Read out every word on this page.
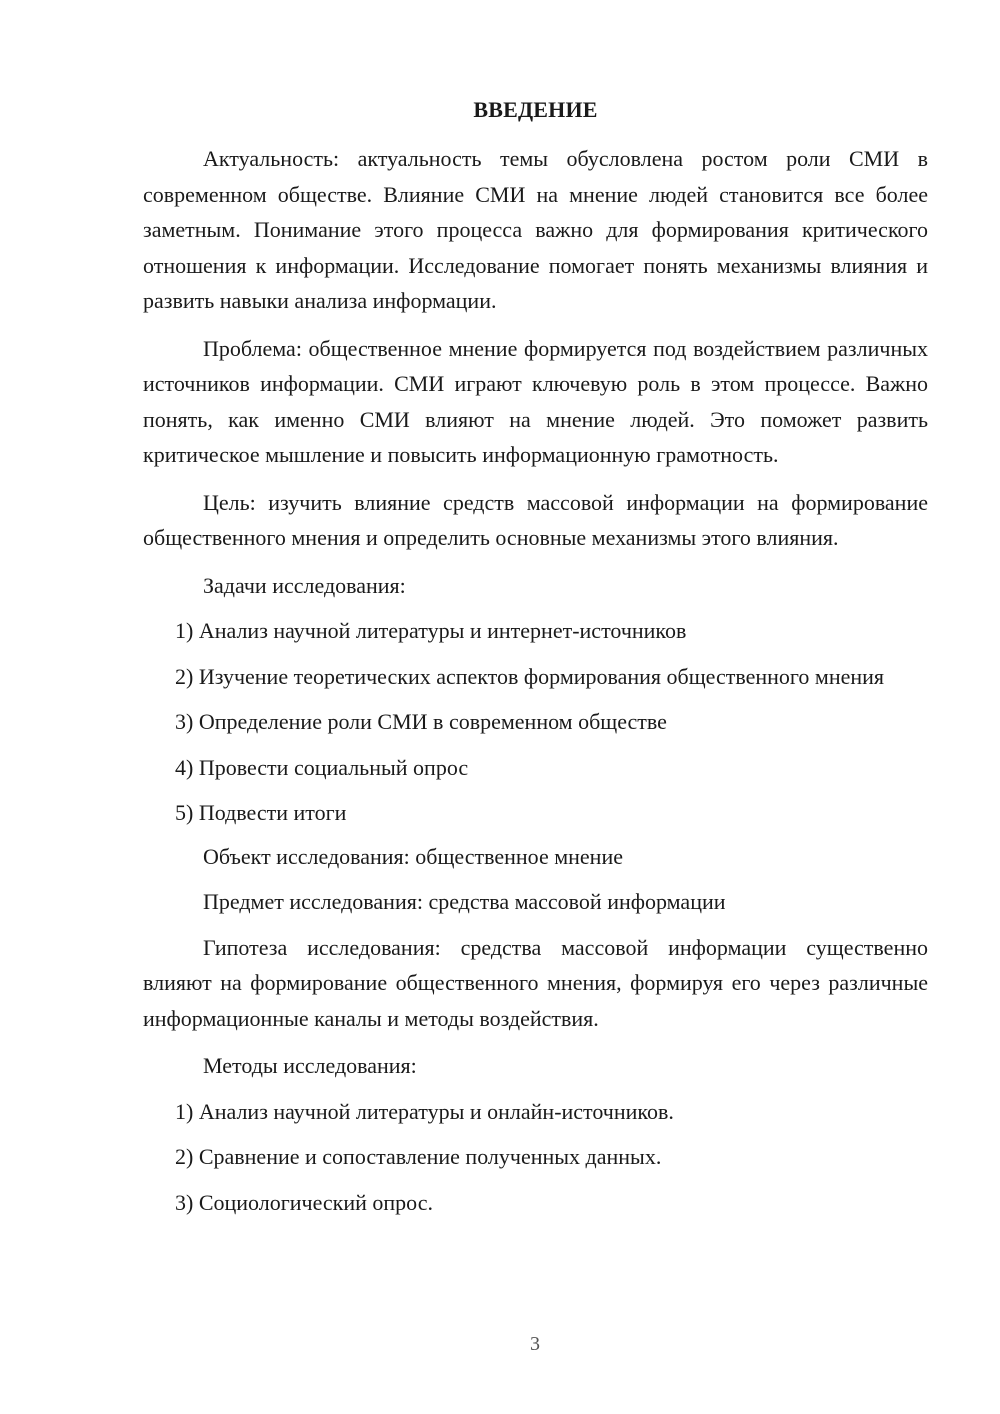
ВВЕДЕНИЕ

Актуальность: актуальность темы обусловлена ростом роли СМИ в современном обществе. Влияние СМИ на мнение людей становится все более заметным. Понимание этого процесса важно для формирования критического отношения к информации. Исследование помогает понять механизмы влияния и развить навыки анализа информации.

Проблема: общественное мнение формируется под воздействием различных источников информации. СМИ играют ключевую роль в этом процессе. Важно понять, как именно СМИ влияют на мнение людей. Это поможет развить критическое мышление и повысить информационную грамотность.

Цель: изучить влияние средств массовой информации на формирование общественного мнения и определить основные механизмы этого влияния.

Задачи исследования:

1) Анализ научной литературы и интернет-источников

2) Изучение теоретических аспектов формирования общественного мнения

3) Определение роли СМИ в современном обществе

4) Провести социальный опрос

5) Подвести итоги

Объект исследования: общественное мнение
Предмет исследования: средства массовой информации

Гипотеза исследования: средства массовой информации существенно влияют на формирование общественного мнения, формируя его через различные информационные каналы и методы воздействия.

Методы исследования:

1) Анализ научной литературы и онлайн-источников.

2) Сравнение и сопоставление полученных данных.

3) Социологический опрос.

3
